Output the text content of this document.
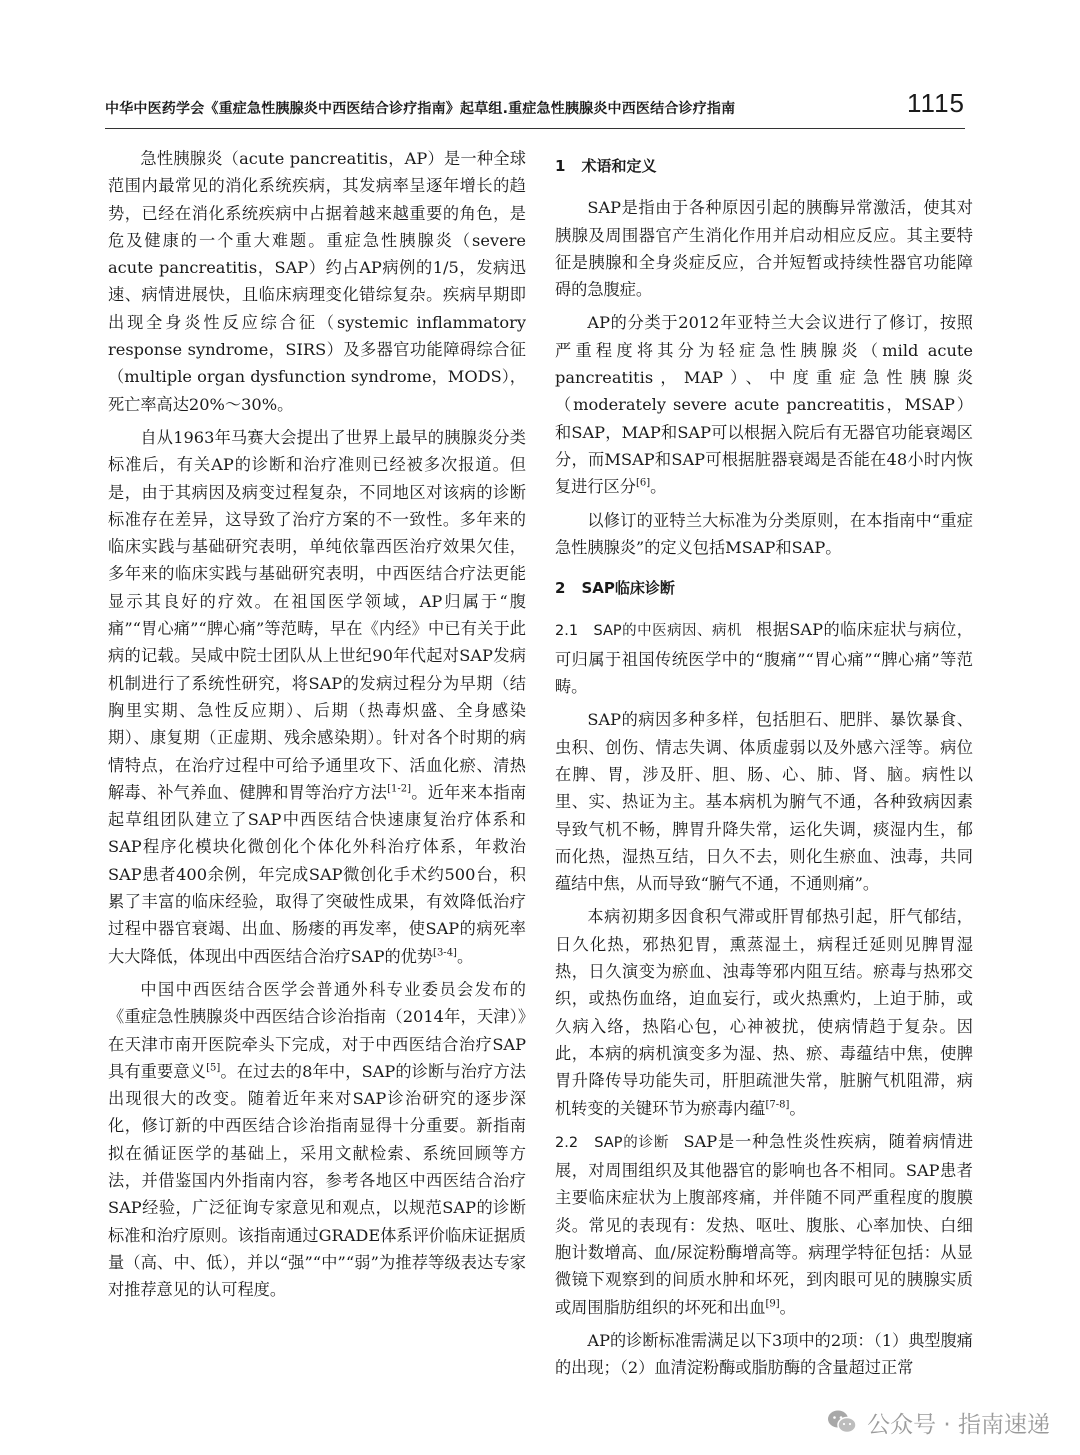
中华中医药学会《重症急性胰腺炎中西医结合诊疗指南》起草组.重症急性胰腺炎中西医结合诊疗指南	1115

急性胰腺炎（acute pancreatitis，AP）是一种全球范围内最常见的消化系统疾病，其发病率呈逐年增长的趋势，已经在消化系统疾病中占据着越来越重要的角色，是危及健康的一个重大难题。重症急性胰腺炎（severe acute pancreatitis，SAP）约占AP病例的1/5，发病迅速、病情进展快，且临床病理变化错综复杂。疾病早期即出现全身炎性反应综合征（systemic inflammatory response syndrome，SIRS）及多器官功能障碍综合征（multiple organ dysfunction syndrome，MODS），死亡率高达20%～30%。

自从1963年马赛大会提出了世界上最早的胰腺炎分类标准后，有关AP的诊断和治疗准则已经被多次报道。但是，由于其病因及病变过程复杂，不同地区对该病的诊断标准存在差异，这导致了治疗方案的不一致性。多年来的临床实践与基础研究表明，单纯依靠西医治疗效果欠佳，多年来的临床实践与基础研究表明，中西医结合疗法更能显示其良好的疗效。在祖国医学领域，AP归属于“腹痛”“胃心痛”“脾心痛”等范畴，早在《内经》中已有关于此病的记载。吴咸中院士团队从上世纪90年代起对SAP发病机制进行了系统性研究，将SAP的发病过程分为早期（结胸里实期、急性反应期）、后期（热毒炽盛、全身感染期）、康复期（正虚期、残余感染期）。针对各个时期的病情特点，在治疗过程中可给予通里攻下、活血化瘀、清热解毒、补气养血、健脾和胃等治疗方法[1-2]。近年来本指南起草组团队建立了SAP中西医结合快速康复治疗体系和SAP程序化模块化微创化个体化外科治疗体系，年救治SAP患者400余例，年完成SAP微创化手术约500台，积累了丰富的临床经验，取得了突破性成果，有效降低治疗过程中器官衰竭、出血、肠瘘的再发率，使SAP的病死率大大降低，体现出中西医结合治疗SAP的优势[3-4]。

中国中西医结合医学会普通外科专业委员会发布的《重症急性胰腺炎中西医结合诊治指南（2014年，天津）》在天津市南开医院牵头下完成，对于中西医结合治疗SAP具有重要意义[5]。在过去的8年中，SAP的诊断与治疗方法出现很大的改变。随着近年来对SAP诊治研究的逐步深化，修订新的中西医结合诊治指南显得十分重要。新指南拟在循证医学的基础上，采用文献检索、系统回顾等方法，并借鉴国内外指南内容，参考各地区中西医结合治疗SAP经验，广泛征询专家意见和观点，以规范SAP的诊断标准和治疗原则。该指南通过GRADE体系评价临床证据质量（高、中、低），并以“强”“中”“弱”为推荐等级表达专家对推荐意见的认可程度。

1 术语和定义

SAP是指由于各种原因引起的胰酶异常激活，使其对胰腺及周围器官产生消化作用并启动相应反应。其主要特征是胰腺和全身炎症反应，合并短暂或持续性器官功能障碍的急腹症。

AP的分类于2012年亚特兰大会议进行了修订，按照严重程度将其分为轻症急性胰腺炎（mild acute pancreatitis，MAP）、中度重症急性胰腺炎（moderately severe acute pancreatitis，MSAP）和SAP，MAP和SAP可以根据入院后有无器官功能衰竭区分，而MSAP和SAP可根据脏器衰竭是否能在48小时内恢复进行区分[6]。

以修订的亚特兰大标准为分类原则，在本指南中“重症急性胰腺炎”的定义包括MSAP和SAP。

2 SAP临床诊断

2.1　SAP的中医病因、病机 根据SAP的临床症状与病位，可归属于祖国传统医学中的“腹痛”“胃心痛”“脾心痛”等范畴。

SAP的病因多种多样，包括胆石、肥胖、暴饮暴食、虫积、创伤、情志失调、体质虚弱以及外感六淫等。病位在脾、胃，涉及肝、胆、肠、心、肺、肾、脑。病性以里、实、热证为主。基本病机为腑气不通，各种致病因素导致气机不畅，脾胃升降失常，运化失调，痰湿内生，郁而化热，湿热互结，日久不去，则化生瘀血、浊毒，共同蕴结中焦，从而导致“腑气不通，不通则痛”。

本病初期多因食积气滞或肝胃郁热引起，肝气郁结，日久化热，邪热犯胃，熏蒸湿土，病程迁延则见脾胃湿热，日久演变为瘀血、浊毒等邪内阻互结。瘀毒与热邪交织，或热伤血络，迫血妄行，或火热熏灼，上迫于肺，或久病入络，热陷心包，心神被扰，使病情趋于复杂。因此，本病的病机演变多为湿、热、瘀、毒蕴结中焦，使脾胃升降传导功能失司，肝胆疏泄失常，脏腑气机阻滞，病机转变的关键环节为瘀毒内蕴[7-8]。

2.2　SAP的诊断 SAP是一种急性炎性疾病，随着病情进展，对周围组织及其他器官的影响也各不相同。SAP患者主要临床症状为上腹部疼痛，并伴随不同严重程度的腹膜炎。常见的表现有：发热、呕吐、腹胀、心率加快、白细胞计数增高、血/尿淀粉酶增高等。病理学特征包括：从显微镜下观察到的间质水肿和坏死，到肉眼可见的胰腺实质或周围脂肪组织的坏死和出血[9]。

AP的诊断标准需满足以下3项中的2项：（1）典型腹痛的出现；（2）血清淀粉酶或脂肪酶的含量超过正常

公众号 · 指南速递
